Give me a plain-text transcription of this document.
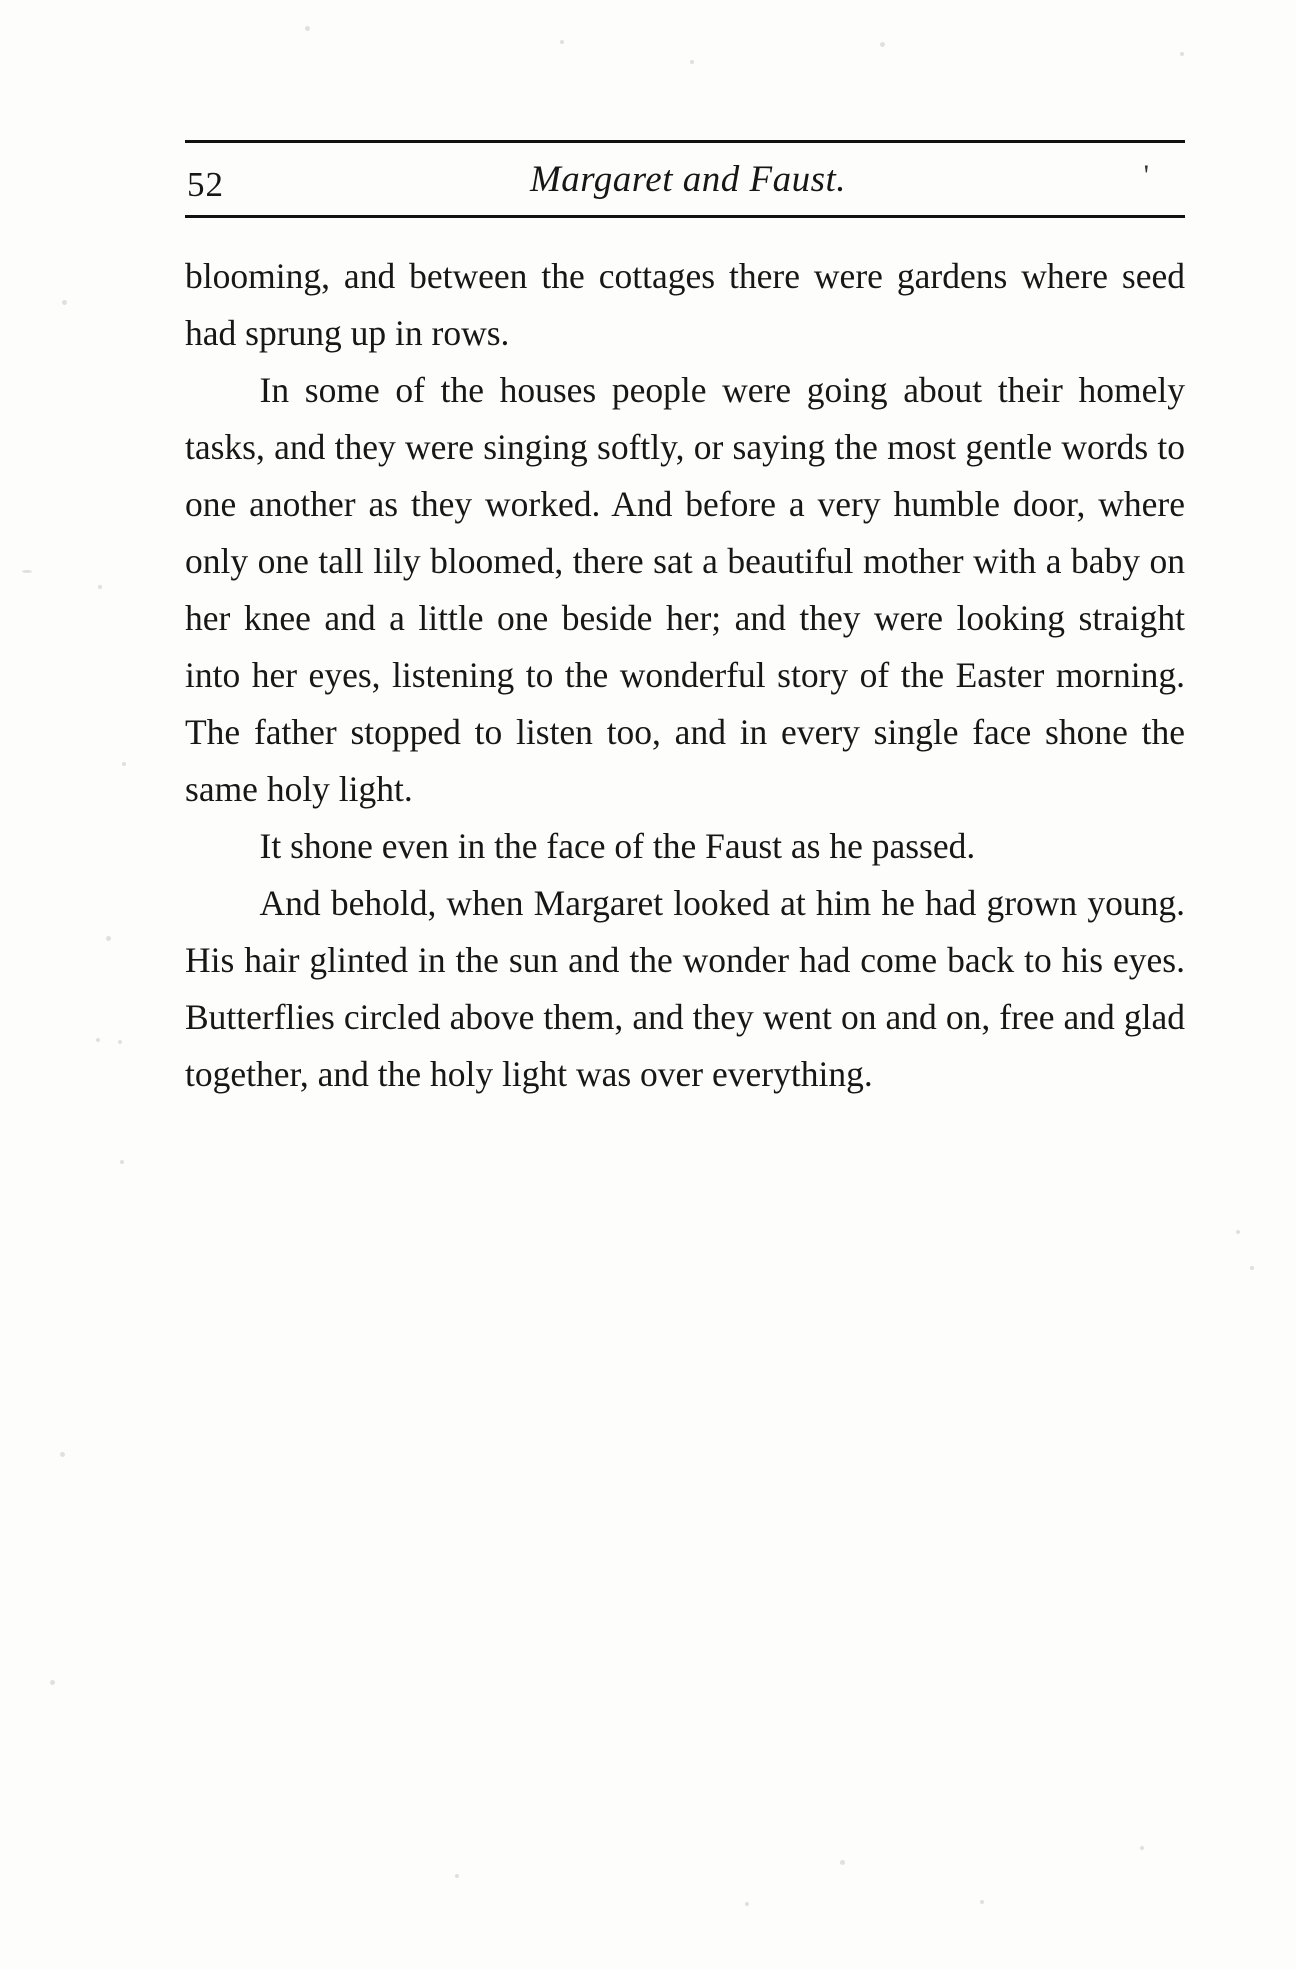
52	Margaret and Faust.	'

blooming, and between the cottages there were gardens where seed had sprung up in rows.

In some of the houses people were going about their homely tasks, and they were singing softly, or saying the most gentle words to one another as they worked. And before a very humble door, where only one tall lily bloomed, there sat a beautiful mother with a baby on her knee and a little one beside her; and they were looking straight into her eyes, listening to the wonderful story of the Easter morning. The father stopped to listen too, and in every single face shone the same holy light.

It shone even in the face of the Faust as he passed.

And behold, when Margaret looked at him he had grown young. His hair glinted in the sun and the wonder had come back to his eyes. Butterflies circled above them, and they went on and on, free and glad together, and the holy light was over everything.
